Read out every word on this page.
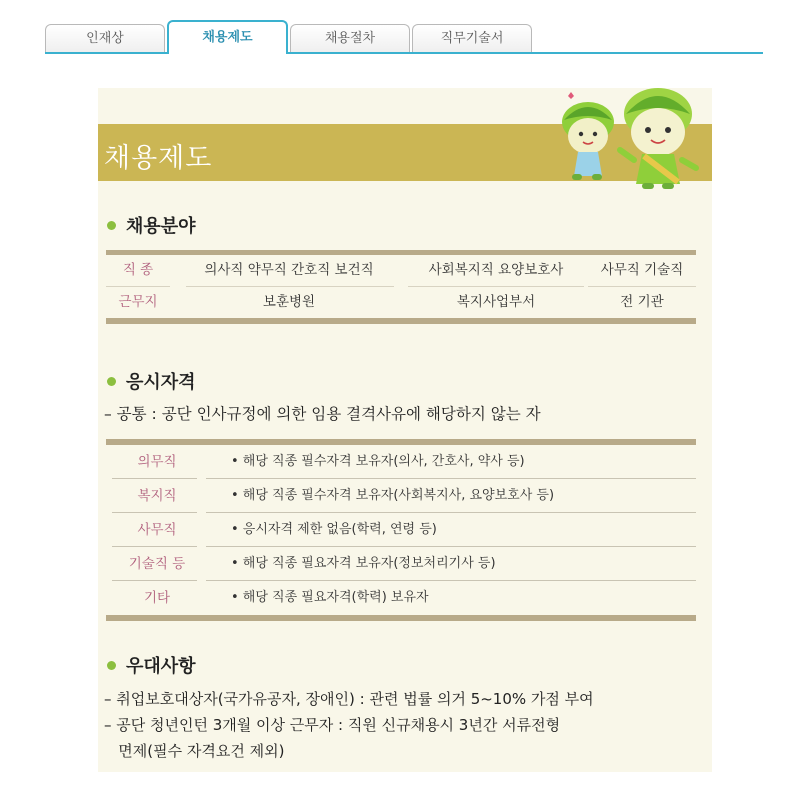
인재상	채용제도	채용절차	직무기술서
채용제도
채용분야
직 종	의사직 약무직 간호직 보건직	사회복지직 요양보호사	사무직 기술직
근무지	보훈병원	복지사업부서	전 기관
응시자격
– 공통 : 공단 인사규정에 의한 임용 결격사유에 해당하지 않는 자
의무직	• 해당 직종 필수자격 보유자(의사, 간호사, 약사 등)
복지직	• 해당 직종 필수자격 보유자(사회복지사, 요양보호사 등)
사무직	• 응시자격 제한 없음(학력, 연령 등)
기술직 등	• 해당 직종 필요자격 보유자(정보처리기사 등)
기타	• 해당 직종 필요자격(학력) 보유자
우대사항
– 취업보호대상자(국가유공자, 장애인) : 관련 법률 의거 5~10% 가점 부여
– 공단 청년인턴 3개월 이상 근무자 : 직원 신규채용시 3년간 서류전형
면제(필수 자격요건 제외)
